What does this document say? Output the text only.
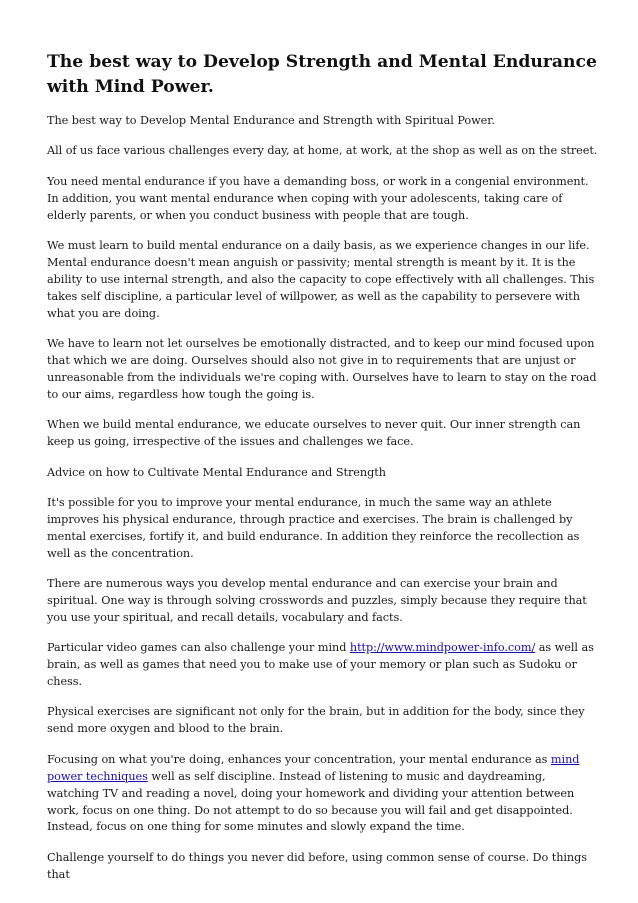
The best way to Develop Strength and Mental Endurance with Mind Power.

The best way to Develop Mental Endurance and Strength with Spiritual Power.

All of us face various challenges every day, at home, at work, at the shop as well as on the street.

You need mental endurance if you have a demanding boss, or work in a congenial environment. In addition, you want mental endurance when coping with your adolescents, taking care of elderly parents, or when you conduct business with people that are tough.

We must learn to build mental endurance on a daily basis, as we experience changes in our life. Mental endurance doesn't mean anguish or passivity; mental strength is meant by it. It is the ability to use internal strength, and also the capacity to cope effectively with all challenges. This takes self discipline, a particular level of willpower, as well as the capability to persevere with what you are doing.

We have to learn not let ourselves be emotionally distracted, and to keep our mind focused upon that which we are doing. Ourselves should also not give in to requirements that are unjust or unreasonable from the individuals we're coping with. Ourselves have to learn to stay on the road to our aims, regardless how tough the going is.

When we build mental endurance, we educate ourselves to never quit. Our inner strength can keep us going, irrespective of the issues and challenges we face.

Advice on how to Cultivate Mental Endurance and Strength

It's possible for you to improve your mental endurance, in much the same way an athlete improves his physical endurance, through practice and exercises. The brain is challenged by mental exercises, fortify it, and build endurance. In addition they reinforce the recollection as well as the concentration.

There are numerous ways you develop mental endurance and can exercise your brain and spiritual. One way is through solving crosswords and puzzles, simply because they require that you use your spiritual, and recall details, vocabulary and facts.

Particular video games can also challenge your mind http://www.mindpower-info.com/ as well as brain, as well as games that need you to make use of your memory or plan such as Sudoku or chess.

Physical exercises are significant not only for the brain, but in addition for the body, since they send more oxygen and blood to the brain.

Focusing on what you're doing, enhances your concentration, your mental endurance as mind power techniques well as self discipline. Instead of listening to music and daydreaming, watching TV and reading a novel, doing your homework and dividing your attention between work, focus on one thing. Do not attempt to do so because you will fail and get disappointed. Instead, focus on one thing for some minutes and slowly expand the time.

Challenge yourself to do things you never did before, using common sense of course. Do things that
